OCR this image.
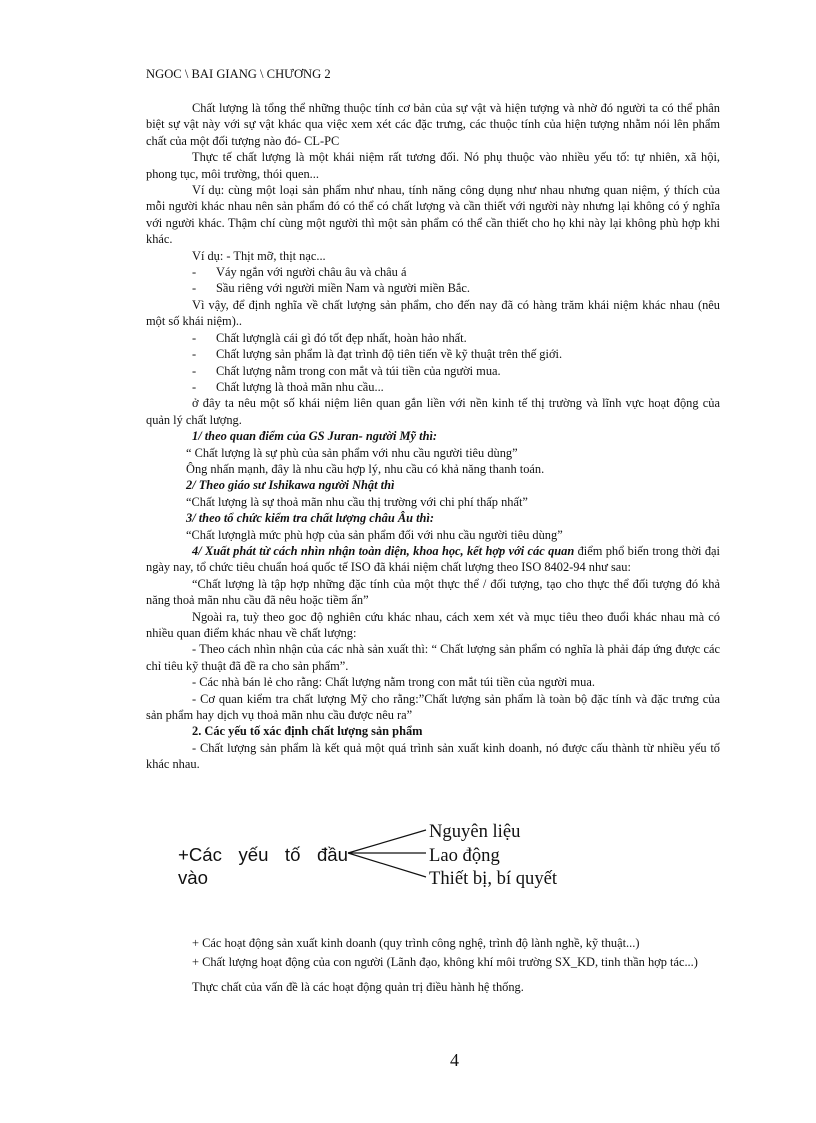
NGOC \ BAI GIANG \ CHƯƠNG 2

Chất lượng là tổng thể những thuộc tính cơ bản của sự vật và hiện tượng và nhờ đó người ta có thể phân biệt sự vật này với sự vật khác qua việc xem xét các đặc trưng, các thuộc tính của hiện tượng nhằm nói lên phẩm chất của một đối tượng nào đó- CL-PC

Thực tế chất lượng là một khái niệm rất tương đối. Nó phụ thuộc vào nhiều yếu tố: tự nhiên, xã hội, phong tục, môi trường, thói quen...

Ví dụ: cùng một loại sản phẩm như nhau, tính năng công dụng như nhau nhưng quan niệm, ý thích của mỗi người khác nhau nên sản phẩm đó có thể có chất lượng và cần thiết với người này nhưng lại không có ý nghĩa với người khác. Thậm chí cùng một người thì một sản phẩm có thể cần thiết cho họ khi này lại không phù hợp khi khác.

Ví dụ: - Thịt mỡ, thịt nạc...

- Váy ngắn với người châu âu và châu á

- Sầu riêng với người miền Nam và người miền Bắc.

Vì vậy, để định nghĩa về chất lượng sản phẩm, cho đến nay đã có hàng trăm khái niệm khác nhau (nêu một số khái niệm)..

- Chất lượnglà cái gì đó tốt đẹp nhất, hoàn hảo nhất.

- Chất lượng sản phẩm là đạt trình độ tiên tiến về kỹ thuật trên thế giới.

- Chất lượng nằm trong con mắt và túi tiền của người mua.

- Chất lượng là thoả mãn nhu cầu...

ở đây ta nêu một số khái niệm liên quan gắn liền với nền kinh tế thị trường và lĩnh vực hoạt động của quản lý chất lượng.

1/ theo quan điểm của GS Juran- người Mỹ thì:

“ Chất lượng là sự phù của sản phẩm với nhu cầu người tiêu dùng”

Ông nhấn mạnh, đây là nhu cầu hợp lý, nhu cầu có khả năng thanh toán.

2/ Theo giáo sư Ishikawa người Nhật thì

“Chất lượng là sự thoả mãn nhu cầu thị trường với chi phí thấp nhất”

3/ theo tổ chức kiểm tra chất lượng châu Âu thì:

“Chất lượnglà mức phù hợp của sản phẩm đối với nhu cầu người tiêu dùng”

4/ Xuất phát từ cách nhìn nhận toàn diện, khoa học, kết hợp với các quan điểm phổ biến trong thời đại ngày nay, tổ chức tiêu chuẩn hoá quốc tế ISO đã khái niệm chất lượng theo ISO 8402-94 như sau:

“Chất lượng là tập hợp những đặc tính của một thực thể / đối tượng, tạo cho thực thể đối tượng đó khả năng thoả mãn nhu cầu đã nêu hoặc tiềm ẩn”

Ngoài ra, tuỳ theo goc độ nghiên cứu khác nhau, cách xem xét và mục tiêu theo đuổi khác nhau mà có nhiều quan điểm khác nhau về chất lượng:

- Theo cách nhìn nhận của các nhà sản xuất thì: “ Chất lượng sản phẩm có nghĩa là phải đáp ứng được các chỉ tiêu kỹ thuật đã đề ra cho sản phẩm”.

- Các nhà bán lẻ cho rằng: Chất lượng nằm trong con mắt túi tiền của người mua.

- Cơ quan kiểm tra chất lượng Mỹ cho rằng:”Chất lượng sản phẩm là toàn bộ đặc tính và đặc trưng của sản phẩm hay dịch vụ thoả mãn nhu cầu được nêu ra”

2. Các yếu tố xác định chất lượng sản phẩm

- Chất lượng sản phẩm là kết quả một quá trình sản xuất kinh doanh, nó được cấu thành từ nhiều yếu tố khác nhau.

+Các yếu tố đầu
vào
Nguyên liệu
Lao động
Thiết bị, bí quyết

+ Các hoạt động sản xuất kinh doanh (quy trình công nghệ, trình độ lành nghề, kỹ thuật...)

+ Chất lượng hoạt động của con người (Lãnh đạo, không khí môi trường SX_KD, tinh thần hợp tác...)

Thực chất của vấn đề là các hoạt động quản trị điều hành hệ thống.

4
